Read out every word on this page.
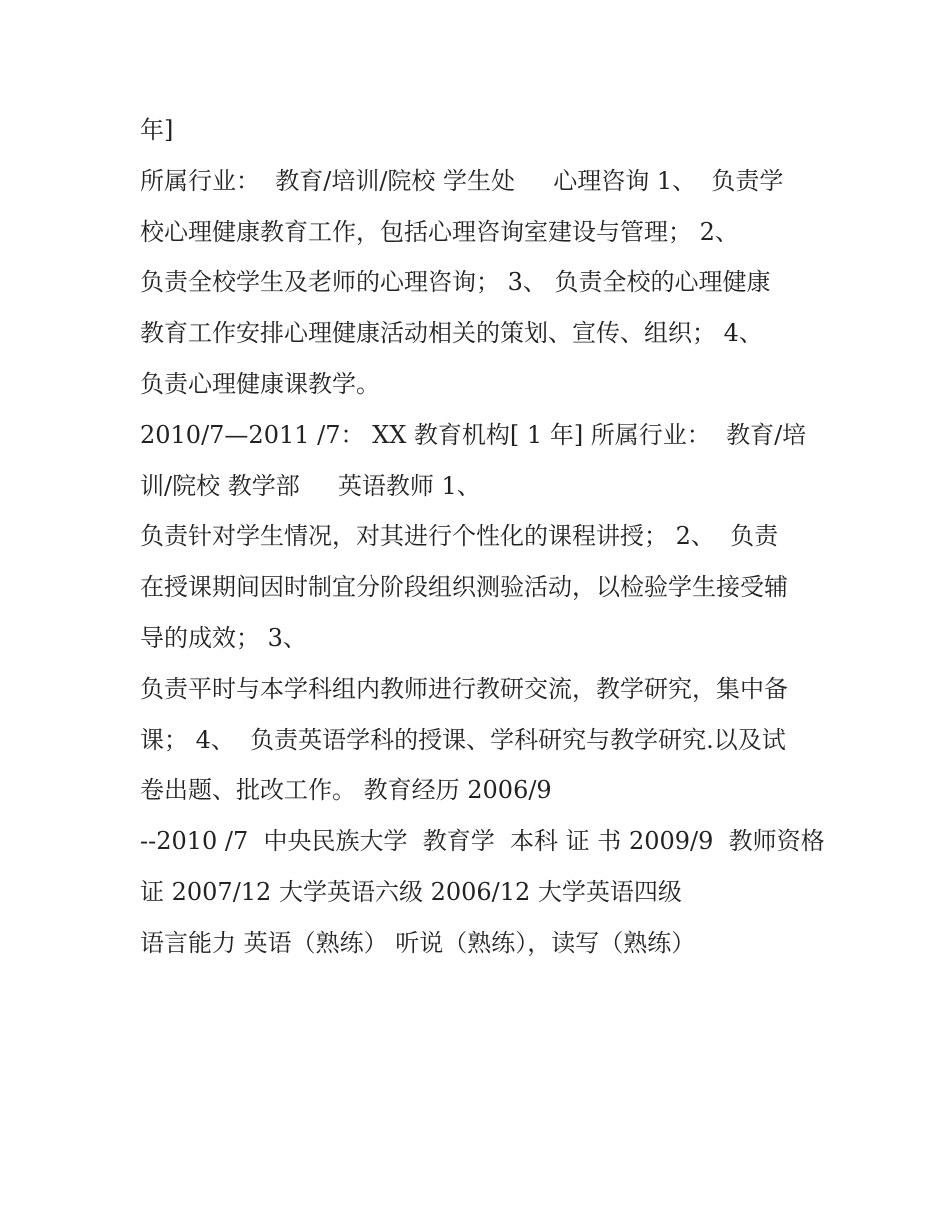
年]

所属行业：  教育/培训/院校 学生处     心理咨询 1、  负责学

校心理健康教育工作，包括心理咨询室建设与管理； 2、

负责全校学生及老师的心理咨询； 3、 负责全校的心理健康

教育工作安排心理健康活动相关的策划、宣传、组织； 4、

负责心理健康课教学。

2010/7—2011 /7： XX 教育机构[ 1 年] 所属行业：  教育/培

训/院校 教学部     英语教师 1、

负责针对学生情况，对其进行个性化的课程讲授； 2、  负责

在授课期间因时制宜分阶段组织测验活动，以检验学生接受辅

导的成效； 3、

负责平时与本学科组内教师进行教研交流，教学研究，集中备

课； 4、  负责英语学科的授课、学科研究与教学研究.以及试

卷出题、批改工作。 教育经历 2006/9

--2010 /7  中央民族大学  教育学  本科 证 书 2009/9  教师资格

证 2007/12 大学英语六级 2006/12 大学英语四级

语言能力 英语（熟练） 听说（熟练），读写（熟练）
